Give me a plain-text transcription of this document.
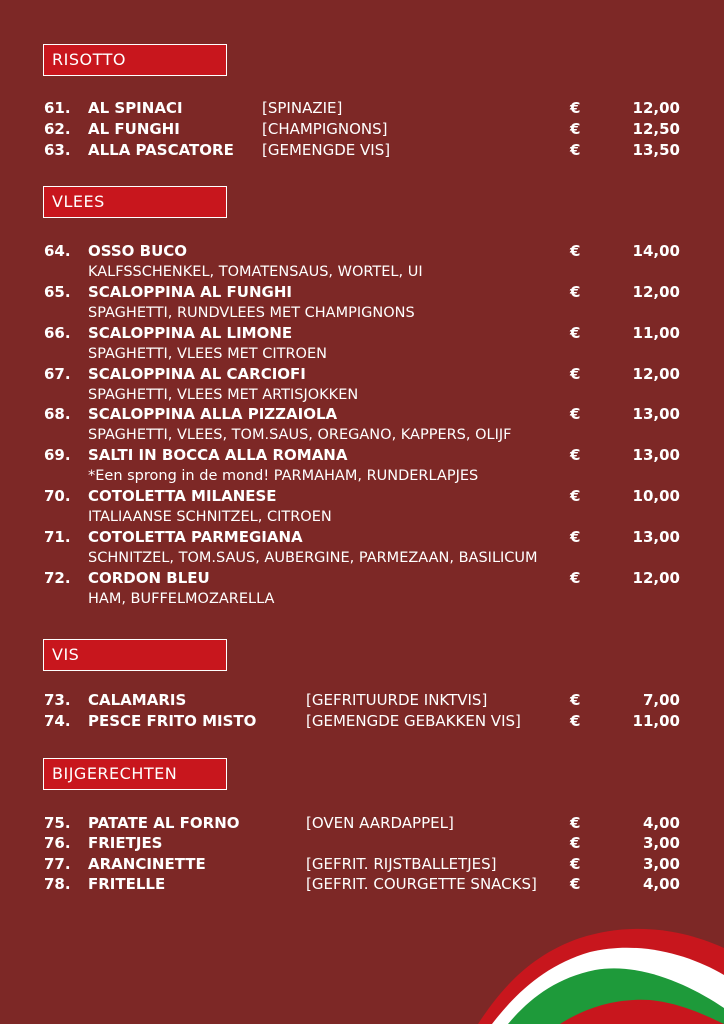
RISOTTO
61. AL SPINACI	[SPINAZIE]	€	12,00
62. AL FUNGHI	[CHAMPIGNONS]	€	12,50
63. ALLA PASCATORE [GEMENGDE VIS]	€	13,50
VLEES
64. OSSO BUCO	€	14,00
KALFSSCHENKEL, TOMATENSAUS, WORTEL, UI
65. SCALOPPINA AL FUNGHI	€	12,00
SPAGHETTI, RUNDVLEES MET CHAMPIGNONS
66. SCALOPPINA AL LIMONE	€	11,00
SPAGHETTI, VLEES MET CITROEN
67. SCALOPPINA AL CARCIOFI	€	12,00
SPAGHETTI, VLEES MET ARTISJOKKEN
68. SCALOPPINA ALLA PIZZAIOLA	€	13,00
SPAGHETTI, VLEES, TOM.SAUS, OREGANO, KAPPERS, OLIJF
69. SALTI IN BOCCA ALLA ROMANA	€	13,00
*Een sprong in de mond! PARMAHAM, RUNDERLAPJES
70. COTOLETTA MILANESE	€	10,00
ITALIAANSE SCHNITZEL, CITROEN
71. COTOLETTA PARMEGIANA	€	13,00
SCHNITZEL, TOM.SAUS, AUBERGINE, PARMEZAAN, BASILICUM
72. CORDON BLEU	€	12,00
HAM, BUFFELMOZARELLA
VIS
73. CALAMARIS	[GEFRITUURDE INKTVIS]	€	7,00
74. PESCE FRITO MISTO	[GEMENGDE GEBAKKEN VIS]	€	11,00
BIJGERECHTEN
75. PATATE AL FORNO	[OVEN AARDAPPEL]	€	4,00
76. FRIETJES	€	3,00
77. ARANCINETTE	[GEFRIT. RIJSTBALLETJES]	€	3,00
78. FRITELLE	[GEFRIT. COURGETTE SNACKS] €	4,00
